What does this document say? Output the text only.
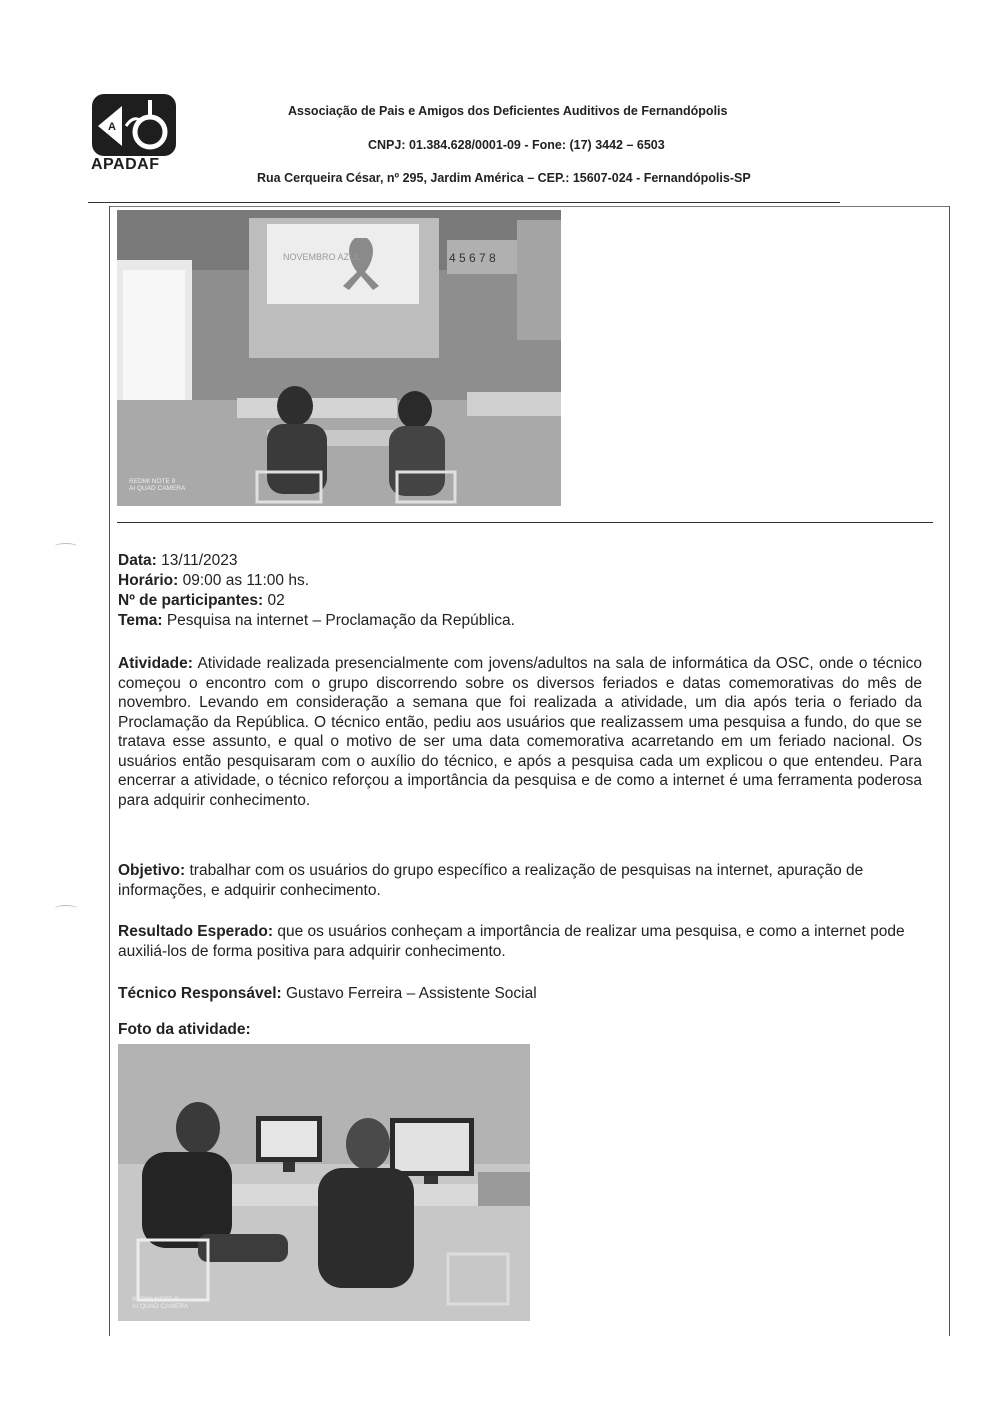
A
APADAF
Associação de Pais e Amigos dos Deficientes Auditivos de Fernandópolis
CNPJ: 01.384.628/0001-09 - Fone: (17) 3442 – 6503
Rua Cerqueira César, nº 295, Jardim América – CEP.: 15607-024 - Fernandópolis-SP
NOVEMBRO AZUL	4 5 6 7 8
REDMI NOTE 9
AI QUAD CAMERA
Data: 13/11/2023
Horário: 09:00 as 11:00 hs.
Nº de participantes: 02
Tema: Pesquisa na internet – Proclamação da República.
Atividade: Atividade realizada presencialmente com jovens/adultos na sala de informática da OSC, onde o técnico começou o encontro com o grupo discorrendo sobre os diversos feriados e datas comemorativas do mês de novembro. Levando em consideração a semana que foi realizada a atividade, um dia após teria o feriado da Proclamação da República. O técnico então, pediu aos usuários que realizassem uma pesquisa a fundo, do que se tratava esse assunto, e qual o motivo de ser uma data comemorativa acarretando em um feriado nacional. Os usuários então pesquisaram com o auxílio do técnico, e após a pesquisa cada um explicou o que entendeu. Para encerrar a atividade, o técnico reforçou a importância da pesquisa e de como a internet é uma ferramenta poderosa para adquirir conhecimento.
Objetivo: trabalhar com os usuários do grupo específico a realização de pesquisas na internet, apuração de informações, e adquirir conhecimento.
Resultado Esperado: que os usuários conheçam a importância de realizar uma pesquisa, e como a internet pode auxiliá-los de forma positiva para adquirir conhecimento.
Técnico Responsável: Gustavo Ferreira – Assistente Social
Foto da atividade:
REDMI NOTE 9
AI QUAD CAMERA
